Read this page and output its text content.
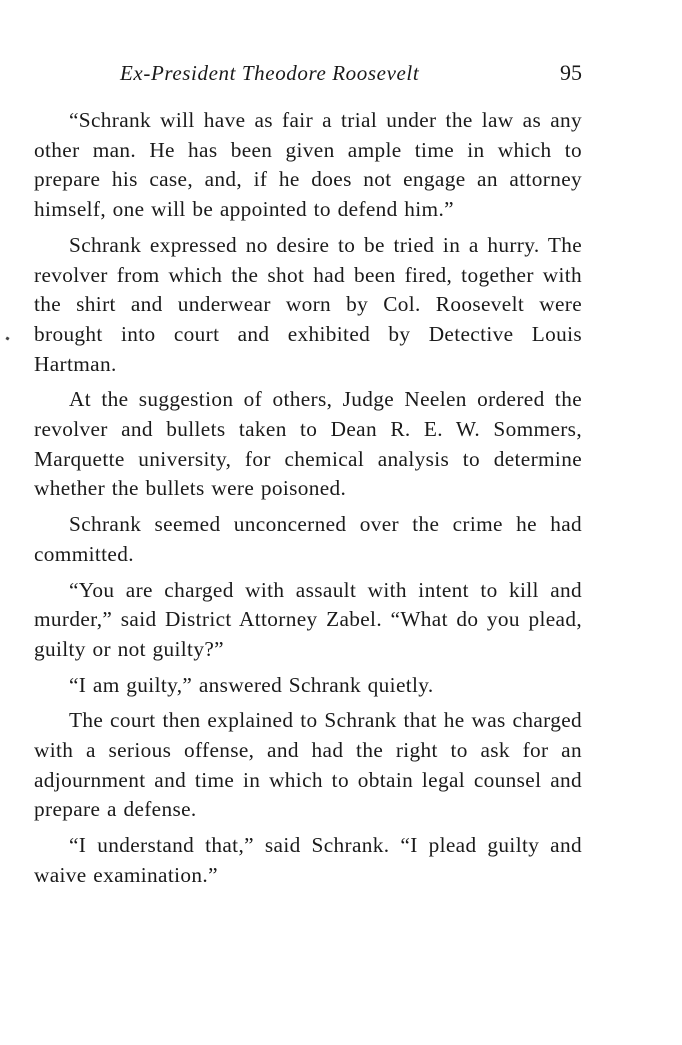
Ex-President Theodore Roosevelt	95

“Schrank will have as fair a trial under the law as any other man. He has been given ample time in which to prepare his case, and, if he does not engage an attorney himself, one will be appointed to defend him.”

Schrank expressed no desire to be tried in a hurry. The revolver from which the shot had been fired, together with the shirt and underwear worn by Col. Roosevelt were brought into court and exhibited by Detective Louis Hartman.

At the suggestion of others, Judge Neelen ordered the revolver and bullets taken to Dean R. E. W. Sommers, Marquette university, for chemical analysis to determine whether the bullets were poisoned.

Schrank seemed unconcerned over the crime he had committed.

“You are charged with assault with intent to kill and murder,” said District Attorney Zabel. “What do you plead, guilty or not guilty?”

“I am guilty,” answered Schrank quietly.

The court then explained to Schrank that he was charged with a serious offense, and had the right to ask for an adjournment and time in which to obtain legal counsel and prepare a defense.

“I understand that,” said Schrank. “I plead guilty and waive examination.”
